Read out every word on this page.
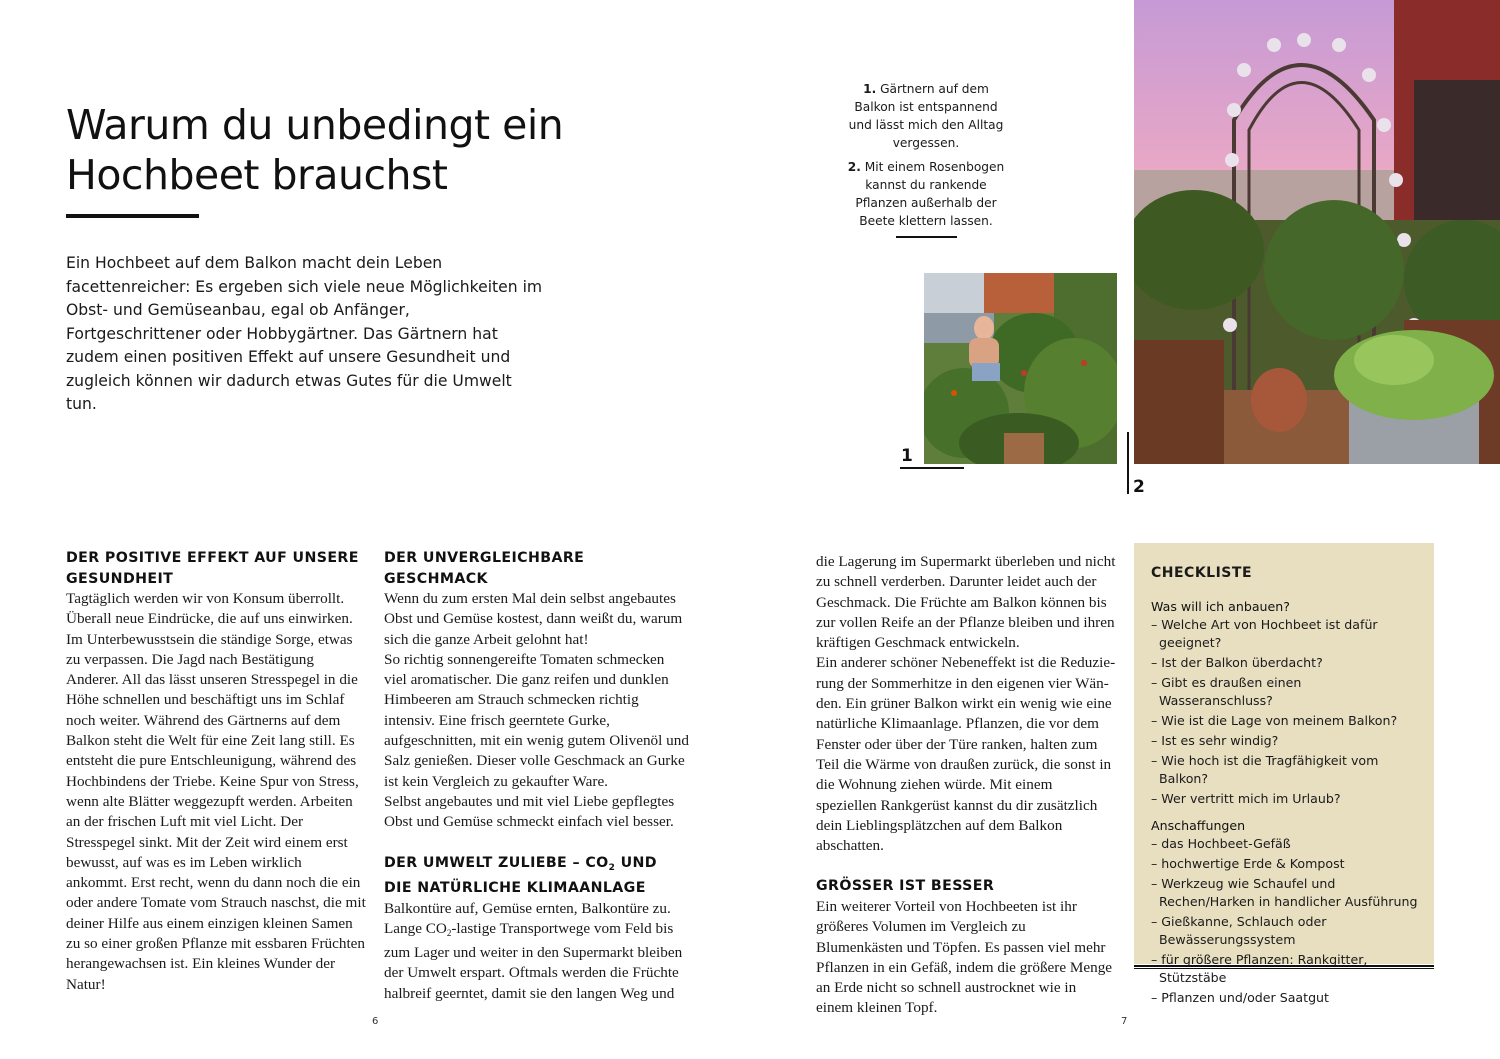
Warum du unbedingt ein Hochbeet brauchst

Ein Hochbeet auf dem Balkon macht dein Leben facettenreicher: Es ergeben sich viele neue Möglichkeiten im Obst- und Gemüseanbau, egal ob Anfänger, Fortgeschrittener oder Hobbygärtner. Das Gärtnern hat zudem einen positiven Effekt auf unsere Gesundheit und zugleich können wir dadurch etwas Gutes für die Umwelt tun.

DER POSITIVE EFFEKT AUF UNSERE GESUNDHEIT

Tagtäglich werden wir von Konsum überrollt. Überall neue Eindrücke, die auf uns einwirken. Im Unterbewusstsein die ständige Sorge, etwas zu verpassen. Die Jagd nach Bestätigung Anderer. All das lässt unseren Stresspegel in die Höhe schnellen und beschäftigt uns im Schlaf noch weiter. Während des Gärtnerns auf dem Balkon steht die Welt für eine Zeit lang still. Es entsteht die pure Entschleunigung, während des Hochbindens der Triebe. Keine Spur von Stress, wenn alte Blätter weggezupft werden. Arbeiten an der frischen Luft mit viel Licht. Der Stresspegel sinkt. Mit der Zeit wird einem erst bewusst, auf was es im Leben wirklich ankommt. Erst recht, wenn du dann noch die ein oder andere Tomate vom Strauch naschst, die mit deiner Hilfe aus einem einzigen kleinen Samen zu so einer großen Pflanze mit essbaren Früchten herangewachsen ist. Ein kleines Wunder der Natur!

DER UNVERGLEICHBARE GESCHMACK

Wenn du zum ersten Mal dein selbst angebautes Obst und Gemüse kostest, dann weißt du, warum sich die ganze Arbeit gelohnt hat!

So richtig sonnengereifte Tomaten schmecken viel aromatischer. Die ganz reifen und dunklen Himbeeren am Strauch schmecken richtig intensiv. Eine frisch geerntete Gurke, aufgeschnitten, mit ein wenig gutem Olivenöl und Salz genießen. Dieser volle Geschmack an Gurke ist kein Vergleich zu gekaufter Ware.

Selbst angebautes und mit viel Liebe gepflegtes Obst und Gemüse schmeckt einfach viel besser.

DER UMWELT ZULIEBE – $CO_2$ UND DIE NATÜRLICHE KLIMAANLAGE

Balkontüre auf, Gemüse ernten, Balkontüre zu. Lange $CO_2$-lastige Transportwege vom Feld bis zum Lager und weiter in den Supermarkt bleiben der Umwelt erspart. Oftmals werden die Früchte halbreif geerntet, damit sie den langen Weg und

6

1. Gärtnern auf dem Balkon ist entspannend und lässt mich den Alltag vergessen.

2. Mit einem Rosenbogen kannst du rankende Pflanzen außerhalb der Beete klettern lassen.

1
2

die Lagerung im Supermarkt überleben und nicht zu schnell verderben. Darunter leidet auch der Geschmack. Die Früchte am Balkon können bis zur vollen Reife an der Pflanze bleiben und ihren kräftigen Geschmack entwickeln.

Ein anderer schöner Nebeneffekt ist die Reduzierung der Sommerhitze in den eigenen vier Wänden. Ein grüner Balkon wirkt ein wenig wie eine natürliche Klimaanlage. Pflanzen, die vor dem Fenster oder über der Türe ranken, halten zum Teil die Wärme von draußen zurück, die sonst in die Wohnung ziehen würde. Mit einem speziellen Rankgerüst kannst du dir zusätzlich dein Lieblingsplätzchen auf dem Balkon abschatten.

GRÖSSER IST BESSER

Ein weiterer Vorteil von Hochbeeten ist ihr größeres Volumen im Vergleich zu Blumenkästen und Töpfen. Es passen viel mehr Pflanzen in ein Gefäß, indem die größere Menge an Erde nicht so schnell austrocknet wie in einem kleinen Topf.

CHECKLISTE
Was will ich anbauen?
– Welche Art von Hochbeet ist dafür geeignet?
– Ist der Balkon überdacht?
– Gibt es draußen einen Wasseranschluss?
– Wie ist die Lage von meinem Balkon?
– Ist es sehr windig?
– Wie hoch ist die Tragfähigkeit vom Balkon?
– Wer vertritt mich im Urlaub?
Anschaffungen
– das Hochbeet-Gefäß
– hochwertige Erde & Kompost
– Werkzeug wie Schaufel und Rechen/Harken in handlicher Ausführung
– Gießkanne, Schlauch oder Bewässerungssystem
– für größere Pflanzen: Rankgitter, Stützstäbe
– Pflanzen und/oder Saatgut
7
